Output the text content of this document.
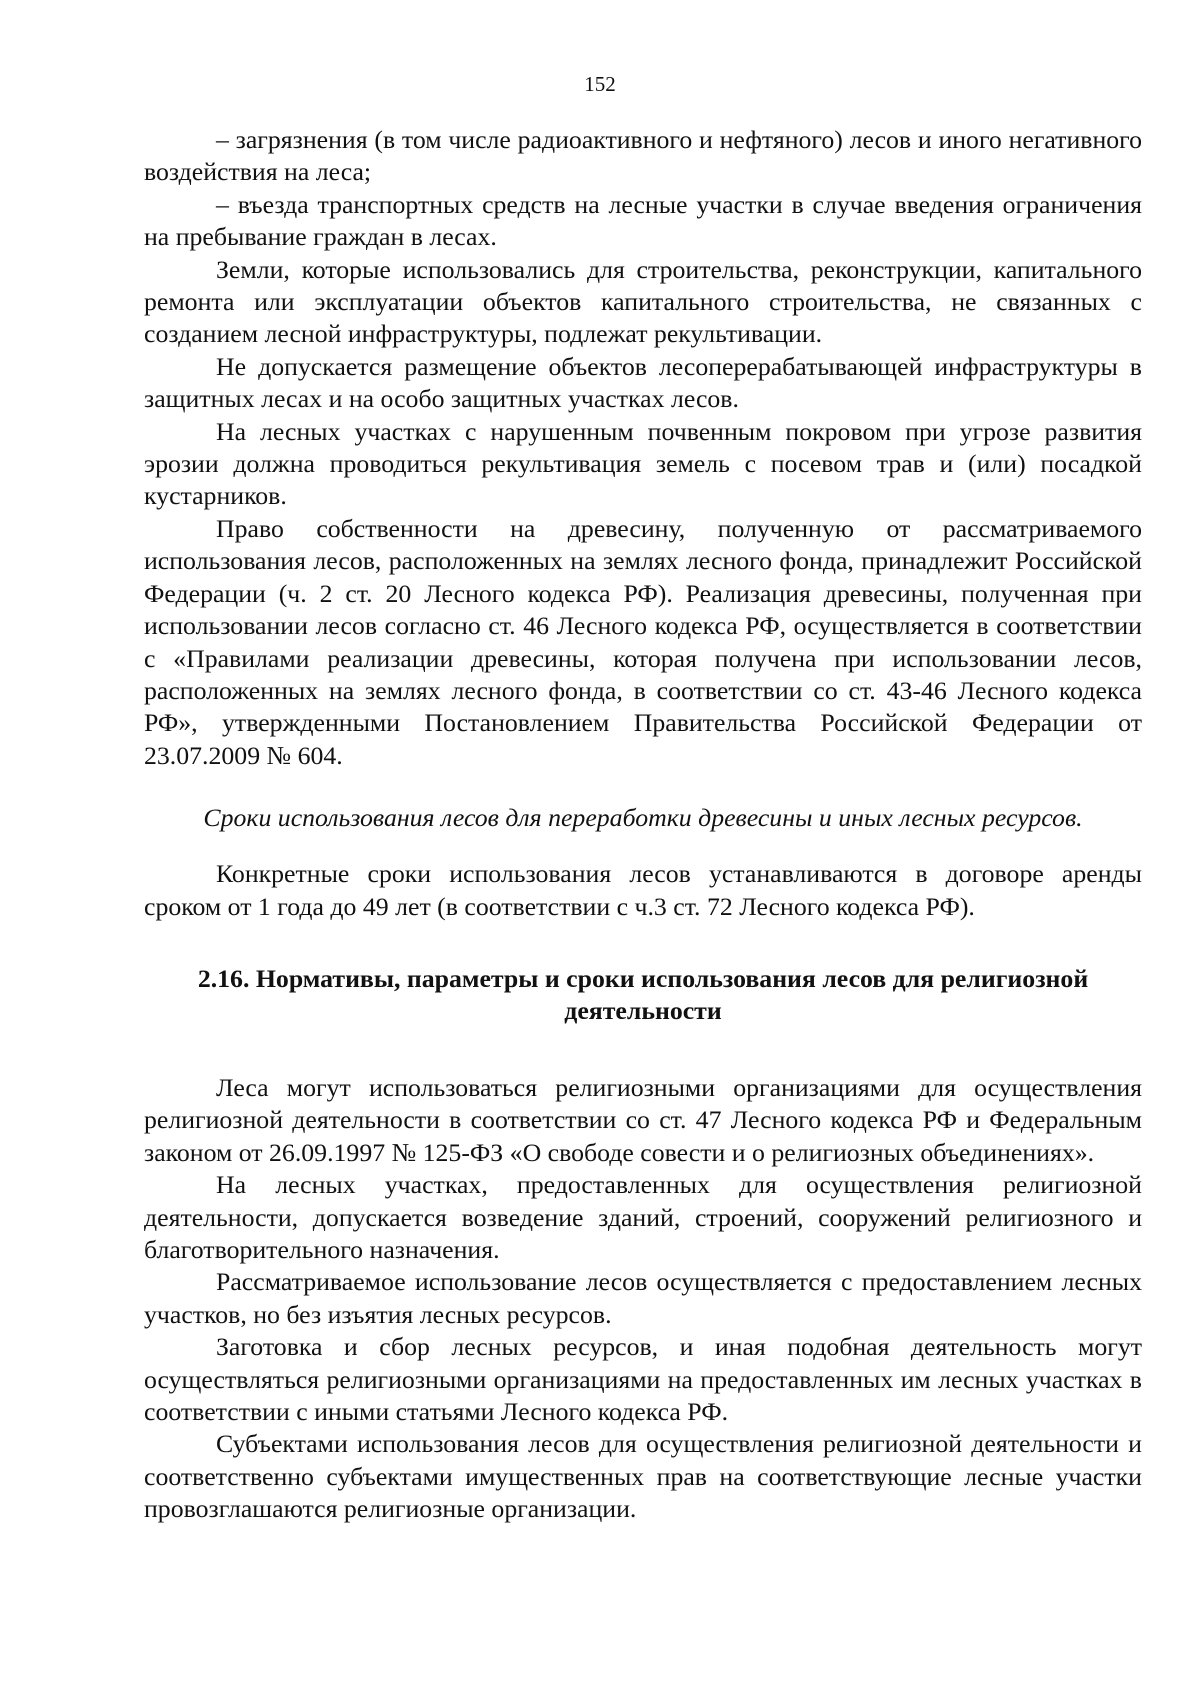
152

– загрязнения (в том числе радиоактивного и нефтяного) лесов и иного негативного воздействия на леса;

– въезда транспортных средств на лесные участки в случае введения ограничения на пребывание граждан в лесах.

Земли, которые использовались для строительства, реконструкции, капитального ремонта или эксплуатации объектов капитального строительства, не связанных с созданием лесной инфраструктуры, подлежат рекультивации.

Не допускается размещение объектов лесоперерабатывающей инфраструктуры в защитных лесах и на особо защитных участках лесов.

На лесных участках с нарушенным почвенным покровом при угрозе развития эрозии должна проводиться рекультивация земель с посевом трав и (или) посадкой кустарников.

Право собственности на древесину, полученную от рассматриваемого использования лесов, расположенных на землях лесного фонда, принадлежит Российской Федерации (ч. 2 ст. 20 Лесного кодекса РФ). Реализация древесины, полученная при использовании лесов согласно ст. 46 Лесного кодекса РФ, осуществляется в соответствии с «Правилами реализации древесины, которая получена при использовании лесов, расположенных на землях лесного фонда, в соответствии со ст. 43-46 Лесного кодекса РФ», утвержденными Постановлением Правительства Российской Федерации от 23.07.2009 № 604.

Сроки использования лесов для переработки древесины и иных лесных ресурсов.

Конкретные сроки использования лесов устанавливаются в договоре аренды сроком от 1 года до 49 лет (в соответствии с ч.3 ст. 72 Лесного кодекса РФ).

2.16. Нормативы, параметры и сроки использования лесов для религиозной деятельности

Леса могут использоваться религиозными организациями для осуществления религиозной деятельности в соответствии со ст. 47 Лесного кодекса РФ и Федеральным законом от 26.09.1997 № 125-ФЗ «О свободе совести и о религиозных объединениях».

На лесных участках, предоставленных для осуществления религиозной деятельности, допускается возведение зданий, строений, сооружений религиозного и благотворительного назначения.

Рассматриваемое использование лесов осуществляется с предоставлением лесных участков, но без изъятия лесных ресурсов.

Заготовка и сбор лесных ресурсов, и иная подобная деятельность могут осуществляться религиозными организациями на предоставленных им лесных участках в соответствии с иными статьями Лесного кодекса РФ.

Субъектами использования лесов для осуществления религиозной деятельности и соответственно субъектами имущественных прав на соответствующие лесные участки провозглашаются религиозные организации.
